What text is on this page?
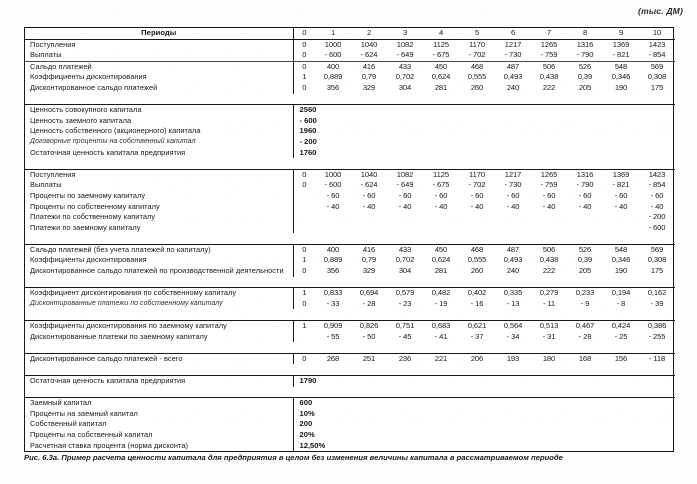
(тыс. ДМ)
Периоды	0	1	2	3	4	5	6	7	8	9	10
Поступления	0	1000	1040	1082	1125	1170	1217	1265	1316	1369	1423
Выплаты	0	- 600	- 624	- 649	- 675	- 702	- 730	- 759	- 790	- 821	- 854
Сальдо платежей	0	400	416	433	450	468	487	506	526	548	569
Коэффициенты дисконтирования	1	0,889	0,79	0,702	0,624	0,555	0,493	0,438	0,39	0,346	0,308
Дисконтированное сальдо платежей	0	356	329	304	281	260	240	222	205	190	175

Ценность совокупного капитала	2560										
Ценность заемного капитала	- 600										
Ценность собственного (акционерного) капитала	1960										
Договорные проценты на собственный капитал	- 200										
Остаточная ценность капитала предприятия	1760										

Поступления	0	1000	1040	1082	1125	1170	1217	1265	1316	1369	1423
Выплаты	0	- 600	- 624	- 649	- 675	- 702	- 730	- 759	- 790	- 821	- 854
Проценты по заемному капиталу		- 60	- 60	- 60	- 60	- 60	- 60	- 60	- 60	- 60	- 60
Проценты по собственному капиталу		- 40	- 40	- 40	- 40	- 40	- 40	- 40	- 40	- 40	- 40
Платежи по собственному капиталу											- 200
Платежи по заемному капиталу											- 600

Сальдо платежей (без учета платежей по капиталу)	0	400	416	433	450	468	487	506	526	548	569
Коэффициенты дисконтирования	1	0,889	0,79	0,702	0,624	0,555	0,493	0,438	0,39	0,346	0,308
Дисконтированное сальдо платежей по производственной деятельности	0	356	329	304	281	260	240	222	205	190	175

Коэффициент дисконтирования по собственному капиталу	1	0,833	0,694	0,579	0,482	0,402	0,335	0,279	0,233	0,194	0,162
Дисконтированные платежи по собственному капиталу	0	- 33	- 28	- 23	- 19	- 16	- 13	- 11	- 9	- 8	- 39

Коэффициенты дисконтирования по заемному капиталу	1	0,909	0,826	0,751	0,683	0,621	0,564	0,513	0,467	0,424	0,386
Дисконтированные платежи по заемному капиталу		- 55	- 50	- 45	- 41	- 37	- 34	- 31	- 28	- 25	- 255

Дисконтированное сальдо платежей - всего	0	268	251	236	221	206	193	180	168	156	- 118

Остаточная ценность капитала предприятия	1790										

Заемный капитал	600										
Проценты на заемный капитал	10%										
Собственный капитал	200										
Проценты на собственный капитал	20%										
Расчетная ставка процента (норма дисконта)	12,50%										
Рис. 6.3а. Пример расчета ценности капитала для предприятия в целом без изменения величины капитала в рассматриваемом периоде
